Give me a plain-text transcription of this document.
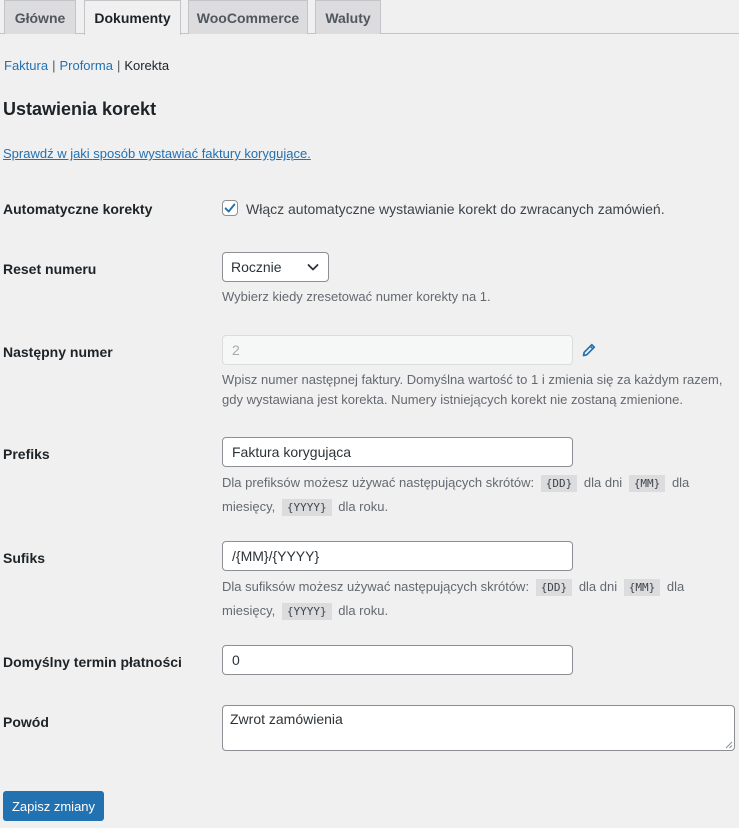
Główne	Dokumenty	WooCommerce	Waluty
Faktura | Proforma | Korekta
Ustawienia korekt
Sprawdź w jaki sposób wystawiać faktury korygujące.
Automatyczne korekty	Włącz automatyczne wystawianie korekt do zwracanych zamówień.
Reset numeru	Rocznie
Wybierz kiedy zresetować numer korekty na 1.
Następny numer	2
Wpisz numer następnej faktury. Domyślna wartość to 1 i zmienia się za każdym razem,
gdy wystawiana jest korekta. Numery istniejących korekt nie zostaną zmienione.
Prefiks	Faktura korygująca
Dla prefiksów możesz używać następujących skrótów: {DD} dla dni {MM} dla miesięcy, {YYYY} dla roku.
Sufiks	/{MM}/{YYYY}
Dla sufiksów możesz używać następujących skrótów: {DD} dla dni {MM} dla miesięcy, {YYYY} dla roku.
Domyślny termin płatności	0
Powód	Zwrot zamówienia
Zapisz zmiany
